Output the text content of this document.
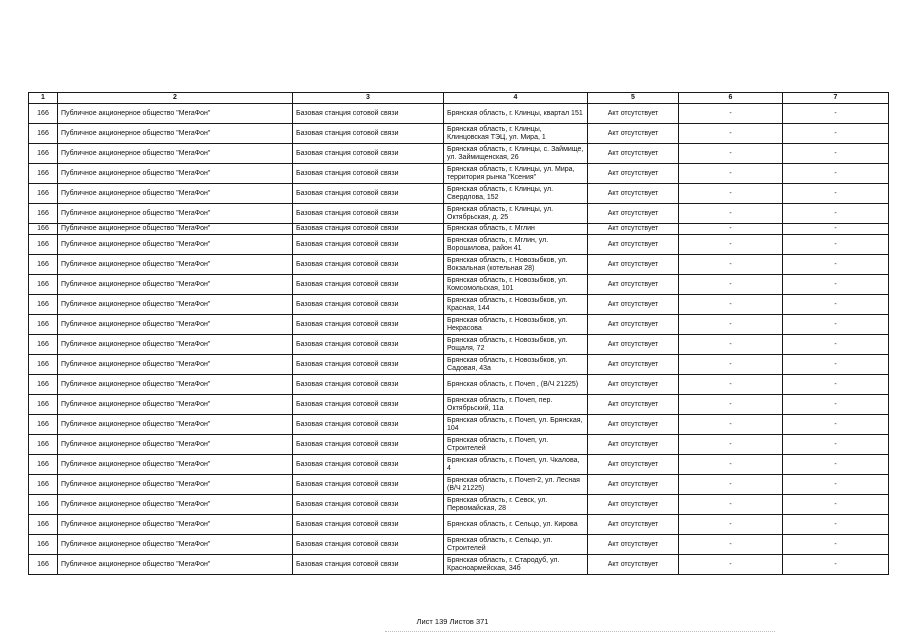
1	2	3	4	5	6	7
166	Публичное акционерное общество "МегаФон"	Базовая станция сотовой связи	Брянская область, г. Клинцы, квартал 151	Акт отсутствует	-	-
166	Публичное акционерное общество "МегаФон"	Базовая станция сотовой связи	Брянская область, г. Клинцы, Клинцовская ТЭЦ, ул. Мира, 1	Акт отсутствует	-	-
166	Публичное акционерное общество "МегаФон"	Базовая станция сотовой связи	Брянская область, г. Клинцы, с. Займище, ул. Займищенская, 26	Акт отсутствует	-	-
166	Публичное акционерное общество "МегаФон"	Базовая станция сотовой связи	Брянская область, г. Клинцы, ул. Мира, территория рынка "Ксения"	Акт отсутствует	-	-
166	Публичное акционерное общество "МегаФон"	Базовая станция сотовой связи	Брянская область, г. Клинцы, ул. Свердлова, 152	Акт отсутствует	-	-
166	Публичное акционерное общество "МегаФон"	Базовая станция сотовой связи	Брянская область, г. Клинцы, ул. Октябрьская, д. 25	Акт отсутствует	-	-
166	Публичное акционерное общество "МегаФон"	Базовая станция сотовой связи	Брянская область, г. Мглин	Акт отсутствует	-	-
166	Публичное акционерное общество "МегаФон"	Базовая станция сотовой связи	Брянская область, г. Мглин, ул. Ворошилова, район 41	Акт отсутствует	-	-
166	Публичное акционерное общество "МегаФон"	Базовая станция сотовой связи	Брянская область, г. Новозыбков, ул. Вокзальная (котельная 28)	Акт отсутствует	-	-
166	Публичное акционерное общество "МегаФон"	Базовая станция сотовой связи	Брянская область, г. Новозыбков, ул. Комсомольская, 101	Акт отсутствует	-	-
166	Публичное акционерное общество "МегаФон"	Базовая станция сотовой связи	Брянская область, г. Новозыбков, ул. Красная, 144	Акт отсутствует	-	-
166	Публичное акционерное общество "МегаФон"	Базовая станция сотовой связи	Брянская область, г. Новозыбков, ул. Некрасова	Акт отсутствует	-	-
166	Публичное акционерное общество "МегаФон"	Базовая станция сотовой связи	Брянская область, г. Новозыбков, ул. Рощаля, 72	Акт отсутствует	-	-
166	Публичное акционерное общество "МегаФон"	Базовая станция сотовой связи	Брянская область, г. Новозыбков, ул. Садовая, 43а	Акт отсутствует	-	-
166	Публичное акционерное общество "МегаФон"	Базовая станция сотовой связи	Брянская область, г. Почеп , (В/Ч 21225)	Акт отсутствует	-	-
166	Публичное акционерное общество "МегаФон"	Базовая станция сотовой связи	Брянская область, г. Почеп, пер. Октябрьский, 11а	Акт отсутствует	-	-
166	Публичное акционерное общество "МегаФон"	Базовая станция сотовой связи	Брянская область, г. Почеп, ул. Брянская, 104	Акт отсутствует	-	-
166	Публичное акционерное общество "МегаФон"	Базовая станция сотовой связи	Брянская область, г. Почеп, ул. Строителей	Акт отсутствует	-	-
166	Публичное акционерное общество "МегаФон"	Базовая станция сотовой связи	Брянская область, г. Почеп, ул. Чкалова, 4	Акт отсутствует	-	-
166	Публичное акционерное общество "МегаФон"	Базовая станция сотовой связи	Брянская область, г. Почеп-2, ул. Лесная (В/Ч 21225)	Акт отсутствует	-	-
166	Публичное акционерное общество "МегаФон"	Базовая станция сотовой связи	Брянская область, г. Севск, ул. Первомайская, 28	Акт отсутствует	-	-
166	Публичное акционерное общество "МегаФон"	Базовая станция сотовой связи	Брянская область, г. Сельцо, ул. Кирова	Акт отсутствует	-	-
166	Публичное акционерное общество "МегаФон"	Базовая станция сотовой связи	Брянская область, г. Сельцо, ул. Строителей	Акт отсутствует	-	-
166	Публичное акционерное общество "МегаФон"	Базовая станция сотовой связи	Брянская область, г. Стародуб, ул. Красноармейская, 34б	Акт отсутствует	-	-
Лист 139 Листов 371
